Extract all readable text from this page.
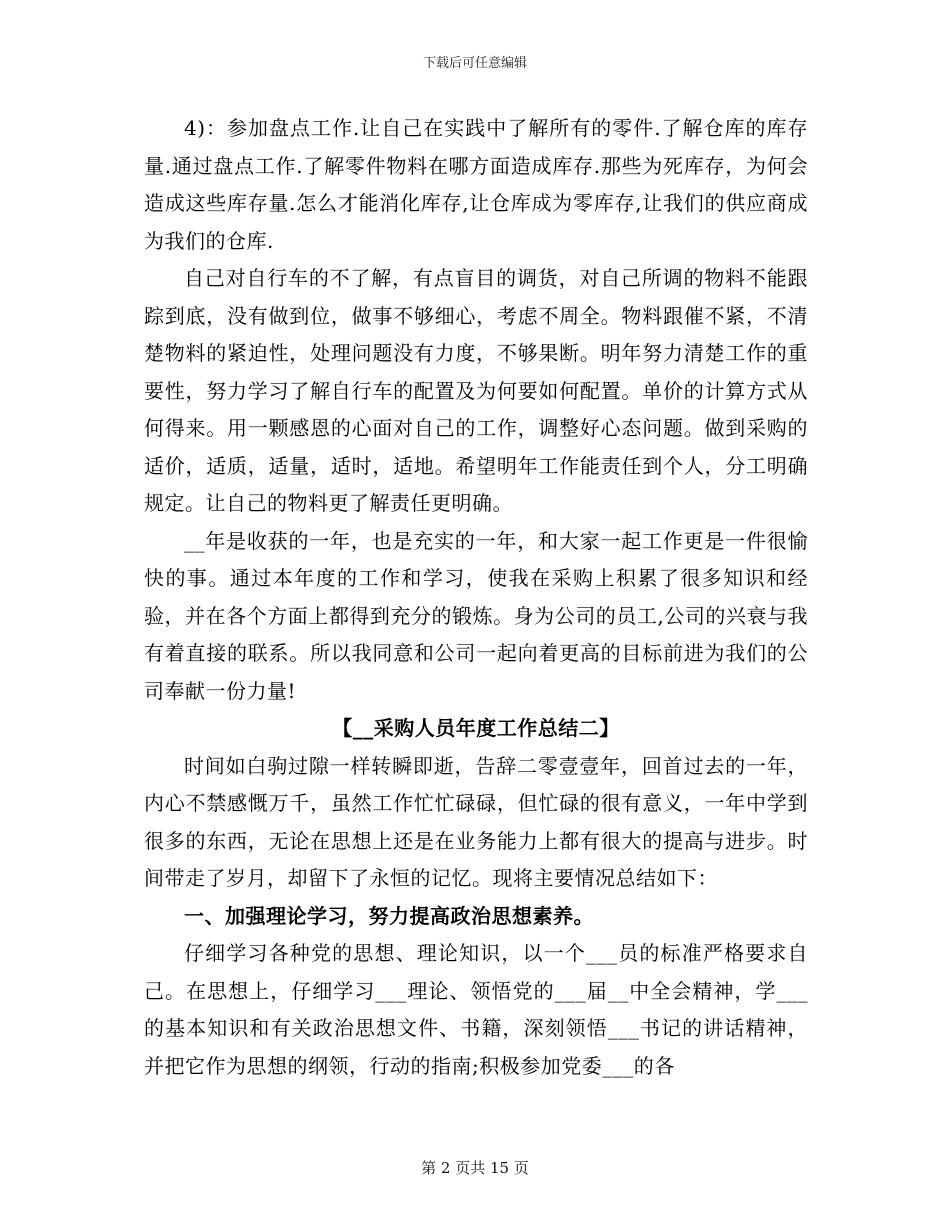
下载后可任意编辑

4)：参加盘点工作.让自己在实践中了解所有的零件.了解仓库的库存量.通过盘点工作.了解零件物料在哪方面造成库存.那些为死库存，为何会造成这些库存量.怎么才能消化库存,让仓库成为零库存,让我们的供应商成为我们的仓库.

自己对自行车的不了解，有点盲目的调货，对自己所调的物料不能跟踪到底，没有做到位，做事不够细心，考虑不周全。物料跟催不紧，不清楚物料的紧迫性，处理问题没有力度，不够果断。明年努力清楚工作的重要性，努力学习了解自行车的配置及为何要如何配置。单价的计算方式从何得来。用一颗感恩的心面对自己的工作，调整好心态问题。做到采购的适价，适质，适量，适时，适地。希望明年工作能责任到个人，分工明确规定。让自己的物料更了解责任更明确。

__年是收获的一年，也是充实的一年，和大家一起工作更是一件很愉快的事。通过本年度的工作和学习，使我在采购上积累了很多知识和经验，并在各个方面上都得到充分的锻炼。身为公司的员工,公司的兴衰与我有着直接的联系。所以我同意和公司一起向着更高的目标前进为我们的公司奉献一份力量!

【__采购人员年度工作总结二】

时间如白驹过隙一样转瞬即逝，告辞二零壹壹年，回首过去的一年，内心不禁感慨万千，虽然工作忙忙碌碌，但忙碌的很有意义，一年中学到很多的东西，无论在思想上还是在业务能力上都有很大的提高与进步。时间带走了岁月，却留下了永恒的记忆。现将主要情况总结如下：

一、加强理论学习，努力提高政治思想素养。

仔细学习各种党的思想、理论知识，以一个___员的标准严格要求自己。在思想上，仔细学习___理论、领悟党的___届__中全会精神，学___的基本知识和有关政治思想文件、书籍，深刻领悟___书记的讲话精神，并把它作为思想的纲领，行动的指南;积极参加党委___的各

第 2 页共 15 页
